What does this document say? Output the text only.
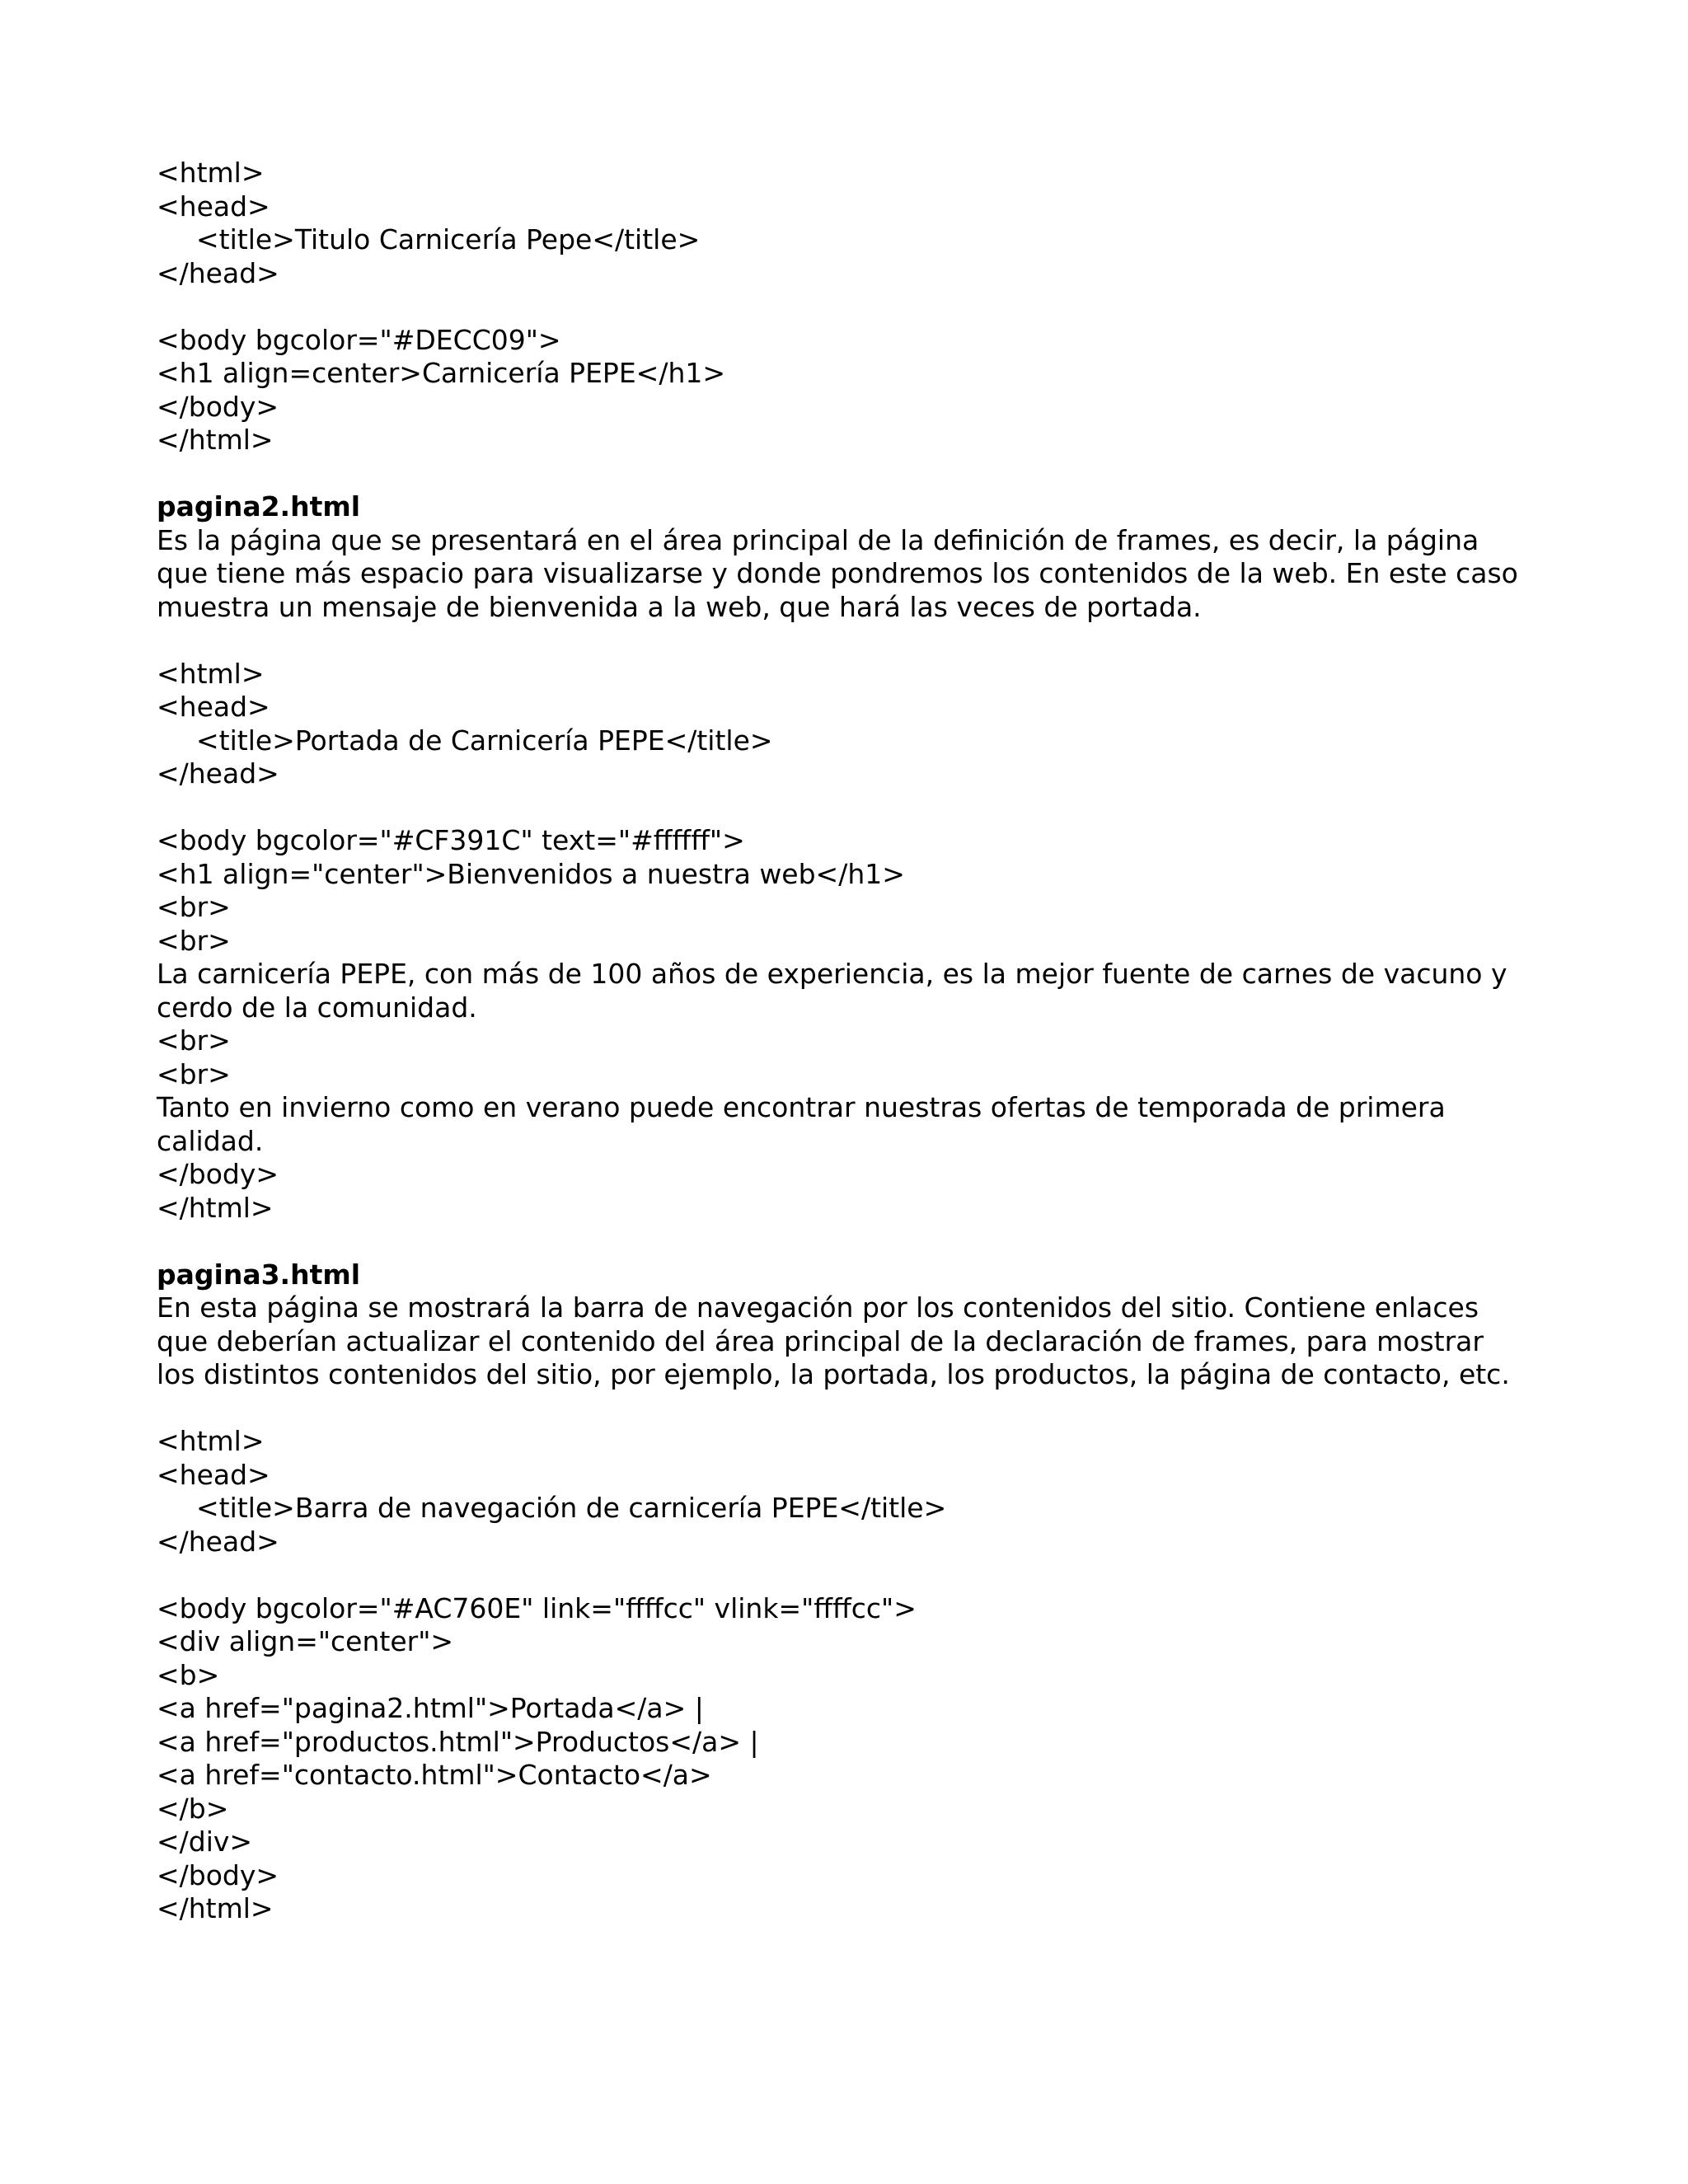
<html>
<head>
<title>Titulo Carnicería Pepe</title>
</head>
<body bgcolor="#DECC09">
<h1 align=center>Carnicería PEPE</h1>
</body>
</html>
pagina2.html
Es la página que se presentará en el área principal de la definición de frames, es decir, la página que tiene más espacio para visualizarse y donde pondremos los contenidos de la web. En este caso muestra un mensaje de bienvenida a la web, que hará las veces de portada.
<html>
<head>
<title>Portada de Carnicería PEPE</title>
</head>
<body bgcolor="#CF391C" text="#ffffff">
<h1 align="center">Bienvenidos a nuestra web</h1>
<br>
<br>
La carnicería PEPE, con más de 100 años de experiencia, es la mejor fuente de carnes de vacuno y cerdo de la comunidad.
<br>
<br>
Tanto en invierno como en verano puede encontrar nuestras ofertas de temporada de primera calidad.
</body>
</html>
pagina3.html
En esta página se mostrará la barra de navegación por los contenidos del sitio. Contiene enlaces que deberían actualizar el contenido del área principal de la declaración de frames, para mostrar los distintos contenidos del sitio, por ejemplo, la portada, los productos, la página de contacto, etc.
<html>
<head>
<title>Barra de navegación de carnicería PEPE</title>
</head>
<body bgcolor="#AC760E" link="ffffcc" vlink="ffffcc">
<div align="center">
<b>
<a href="pagina2.html">Portada</a> |
<a href="productos.html">Productos</a> |
<a href="contacto.html">Contacto</a>
</b>
</div>
</body>
</html>
